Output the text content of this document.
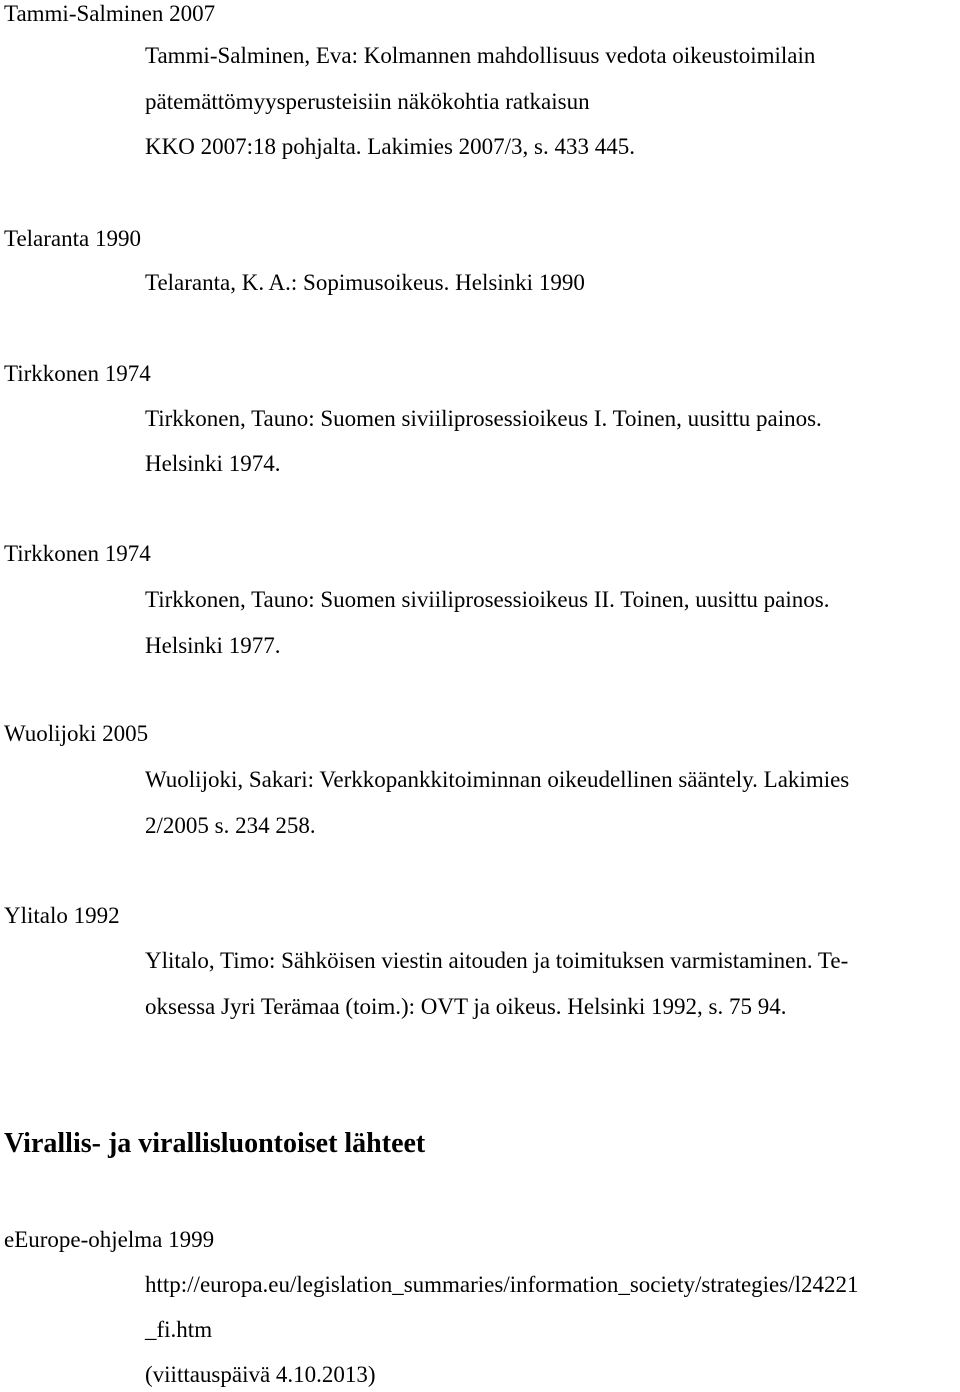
Tammi-Salminen 2007
Tammi-Salminen, Eva: Kolmannen mahdollisuus vedota oikeustoimilain
pätemättömyysperusteisiin näkökohtia ratkaisun
KKO 2007:18 pohjalta. Lakimies 2007/3, s. 433 445.
Telaranta 1990
Telaranta, K. A.: Sopimusoikeus. Helsinki 1990
Tirkkonen 1974
Tirkkonen, Tauno: Suomen siviiliprosessioikeus I. Toinen, uusittu painos.
Helsinki 1974.
Tirkkonen 1974
Tirkkonen, Tauno: Suomen siviiliprosessioikeus II. Toinen, uusittu painos.
Helsinki 1977.
Wuolijoki 2005
Wuolijoki, Sakari: Verkkopankkitoiminnan oikeudellinen sääntely. Lakimies
2/2005 s. 234 258.
Ylitalo 1992
Ylitalo, Timo: Sähköisen viestin aitouden ja toimituksen varmistaminen. Te-
oksessa Jyri Terämaa (toim.): OVT ja oikeus. Helsinki 1992, s. 75 94.
Virallis- ja virallisluontoiset lähteet
eEurope-ohjelma 1999
http://europa.eu/legislation_summaries/information_society/strategies/l24221
_fi.htm
(viittauspäivä 4.10.2013)
